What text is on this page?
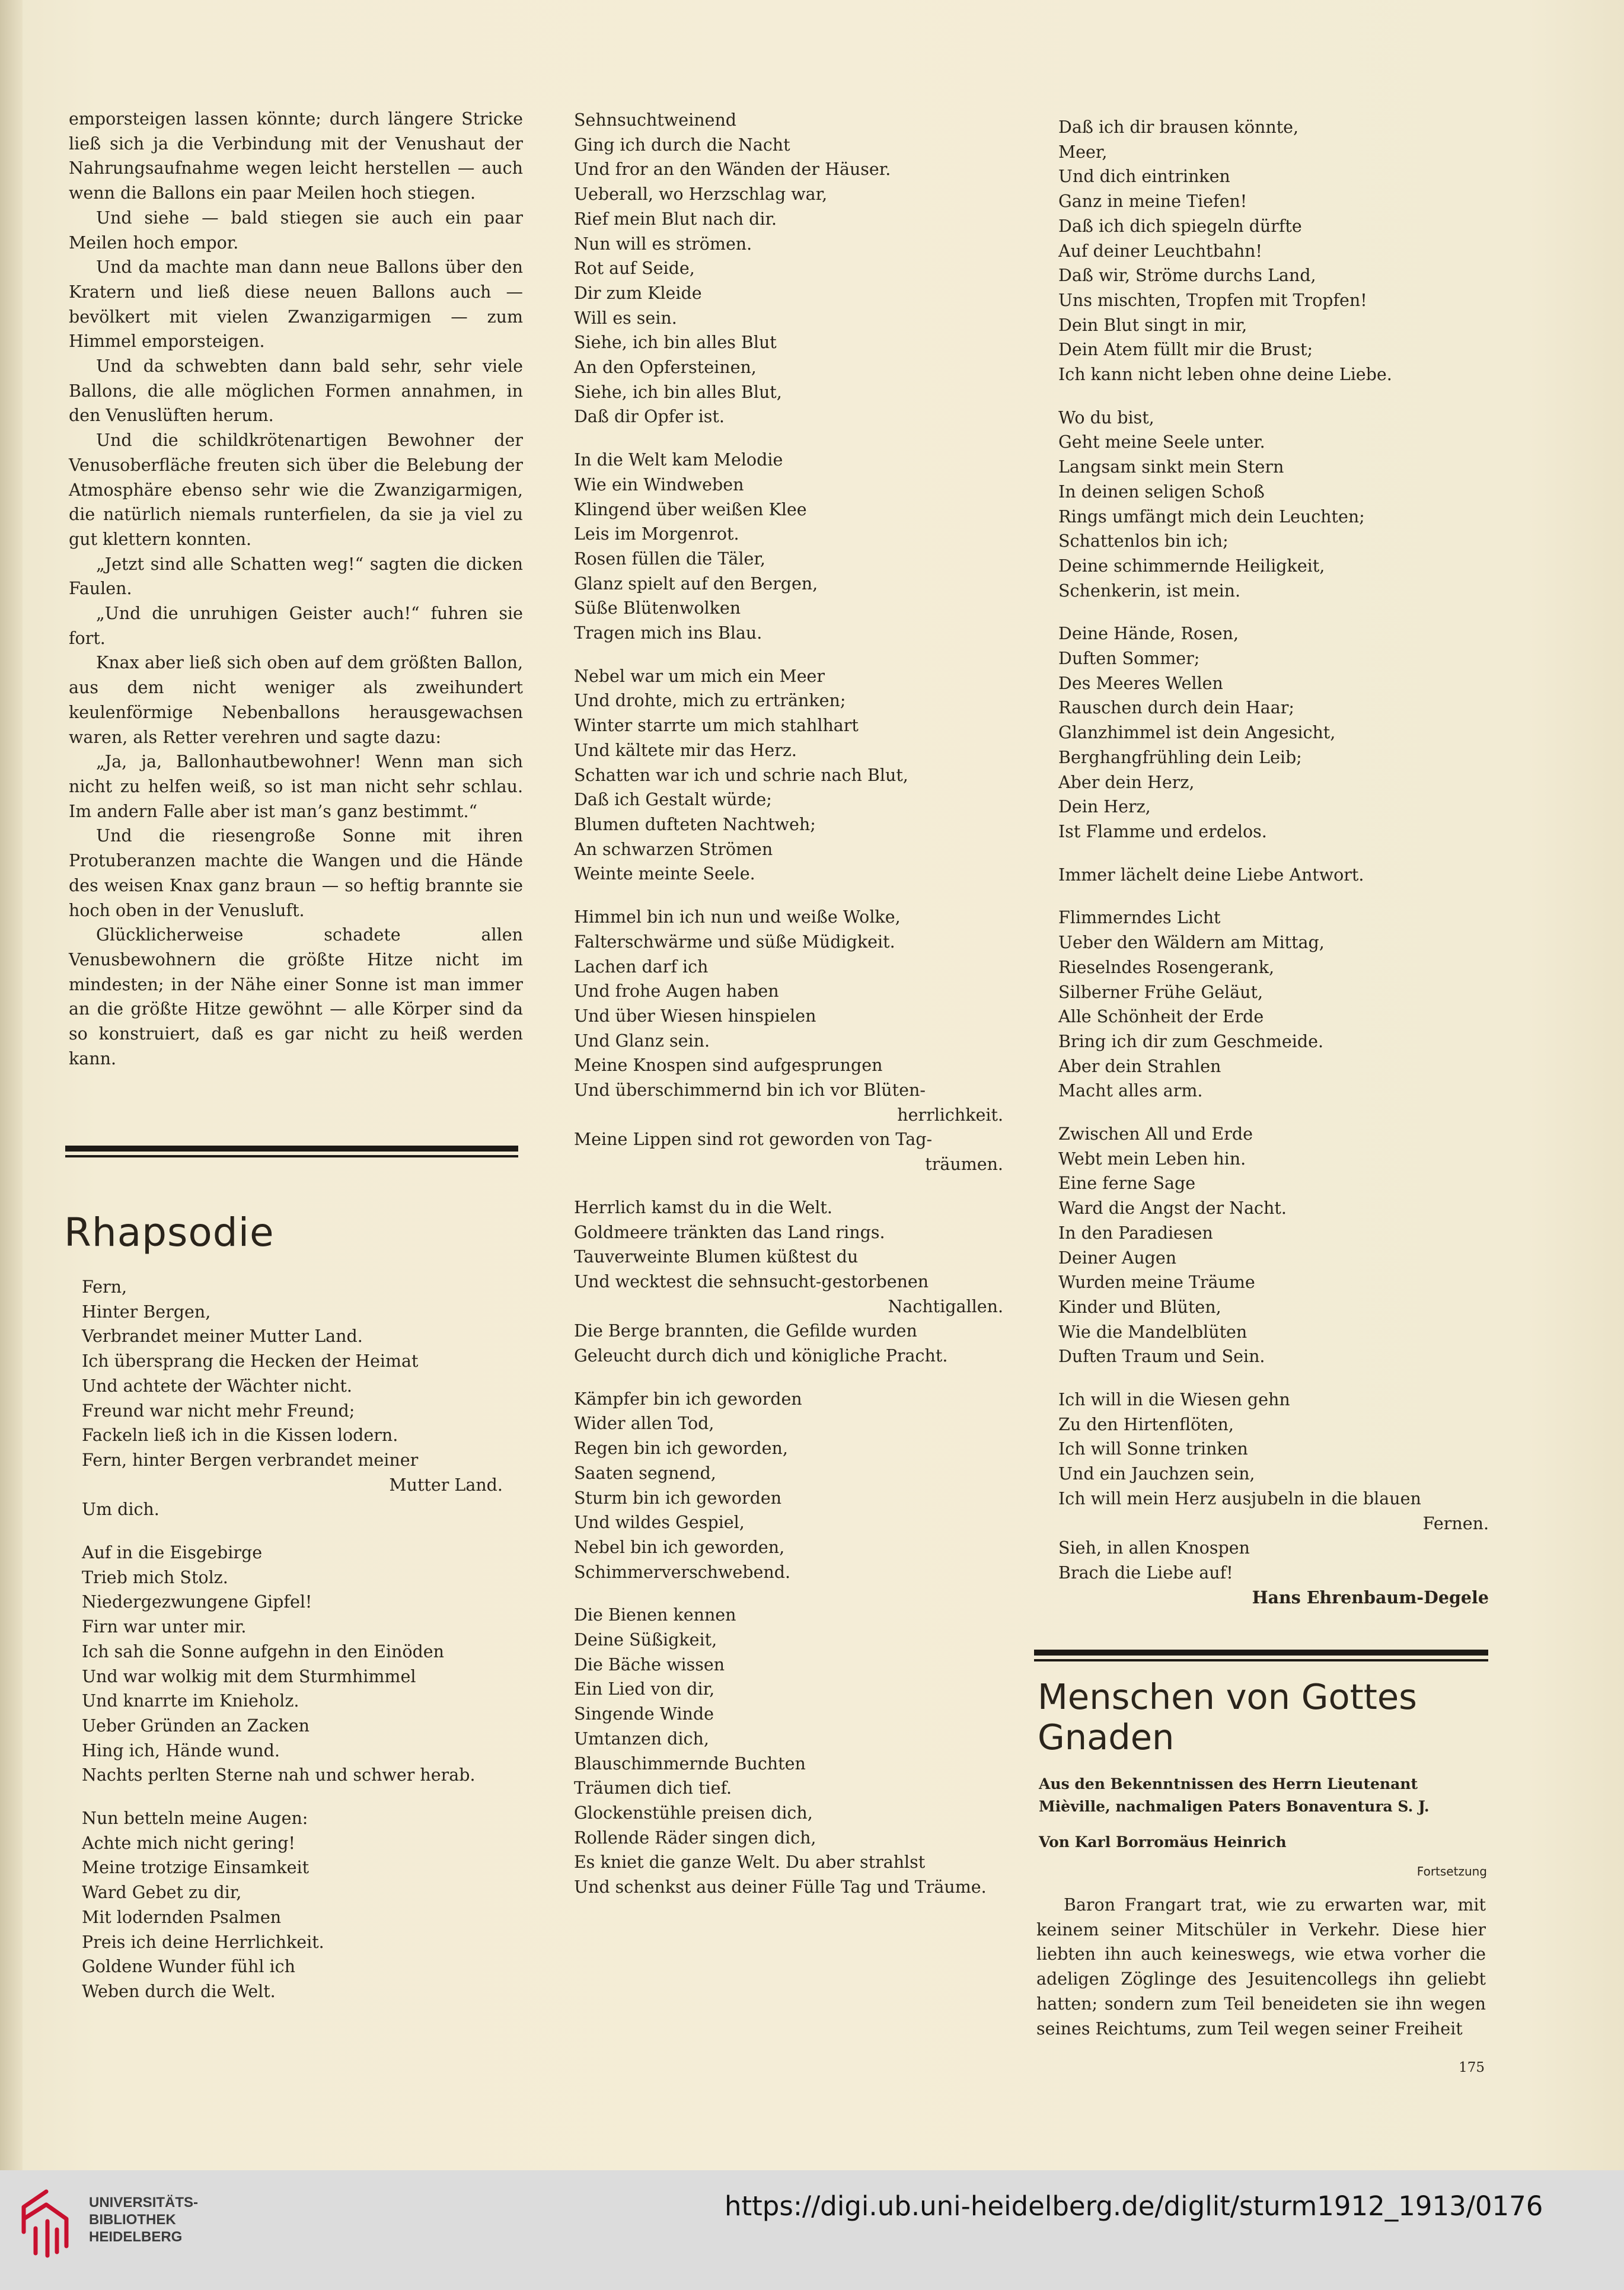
emporsteigen lassen könnte; durch längere Stricke ließ sich ja die Verbindung mit der Venushaut der Nahrungsaufnahme wegen leicht herstellen — auch wenn die Ballons ein paar Meilen hoch stiegen.

Und siehe — bald stiegen sie auch ein paar Meilen hoch empor.

Und da machte man dann neue Ballons über den Kratern und ließ diese neuen Ballons auch — bevölkert mit vielen Zwanzigarmigen — zum Himmel emporsteigen.

Und da schwebten dann bald sehr, sehr viele Ballons, die alle möglichen Formen annahmen, in den Venuslüften herum.

Und die schildkrötenartigen Bewohner der Venusoberfläche freuten sich über die Belebung der Atmosphäre ebenso sehr wie die Zwanzigarmigen, die natürlich niemals runterfielen, da sie ja viel zu gut klettern konnten.

„Jetzt sind alle Schatten weg!“ sagten die dicken Faulen.

„Und die unruhigen Geister auch!“ fuhren sie fort.

Knax aber ließ sich oben auf dem größten Ballon, aus dem nicht weniger als zweihundert keulenförmige Nebenballons herausgewachsen waren, als Retter verehren und sagte dazu:

„Ja, ja, Ballonhautbewohner! Wenn man sich nicht zu helfen weiß, so ist man nicht sehr schlau. Im andern Falle aber ist man’s ganz bestimmt.“

Und die riesengroße Sonne mit ihren Protuberanzen machte die Wangen und die Hände des weisen Knax ganz braun — so heftig brannte sie hoch oben in der Venusluft.

Glücklicherweise schadete allen Venusbewohnern die größte Hitze nicht im mindesten; in der Nähe einer Sonne ist man immer an die größte Hitze gewöhnt — alle Körper sind da so konstruiert, daß es gar nicht zu heiß werden kann.

Rhapsodie

Fern,

Hinter Bergen,

Verbrandet meiner Mutter Land.

Ich übersprang die Hecken der Heimat

Und achtete der Wächter nicht.

Freund war nicht mehr Freund;

Fackeln ließ ich in die Kissen lodern.

Fern, hinter Bergen verbrandet meiner

Mutter Land.

Um dich.

Auf in die Eisgebirge

Trieb mich Stolz.

Niedergezwungene Gipfel!

Firn war unter mir.

Ich sah die Sonne aufgehn in den Einöden

Und war wolkig mit dem Sturmhimmel

Und knarrte im Knieholz.

Ueber Gründen an Zacken

Hing ich, Hände wund.

Nachts perlten Sterne nah und schwer herab.

Nun betteln meine Augen:

Achte mich nicht gering!

Meine trotzige Einsamkeit

Ward Gebet zu dir,

Mit lodernden Psalmen

Preis ich deine Herrlichkeit.

Goldene Wunder fühl ich

Weben durch die Welt.

Sehnsuchtweinend

Ging ich durch die Nacht

Und fror an den Wänden der Häuser.

Ueberall, wo Herzschlag war,

Rief mein Blut nach dir.

Nun will es strömen.

Rot auf Seide,

Dir zum Kleide

Will es sein.

Siehe, ich bin alles Blut

An den Opfersteinen,

Siehe, ich bin alles Blut,

Daß dir Opfer ist.

In die Welt kam Melodie

Wie ein Windweben

Klingend über weißen Klee

Leis im Morgenrot.

Rosen füllen die Täler,

Glanz spielt auf den Bergen,

Süße Blütenwolken

Tragen mich ins Blau.

Nebel war um mich ein Meer

Und drohte, mich zu ertränken;

Winter starrte um mich stahlhart

Und kältete mir das Herz.

Schatten war ich und schrie nach Blut,

Daß ich Gestalt würde;

Blumen dufteten Nachtweh;

An schwarzen Strömen

Weinte meinte Seele.

Himmel bin ich nun und weiße Wolke,

Falterschwärme und süße Müdigkeit.

Lachen darf ich

Und frohe Augen haben

Und über Wiesen hinspielen

Und Glanz sein.

Meine Knospen sind aufgesprungen

Und überschimmernd bin ich vor Blüten-

herrlichkeit.

Meine Lippen sind rot geworden von Tag-

träumen.

Herrlich kamst du in die Welt.

Goldmeere tränkten das Land rings.

Tauverweinte Blumen küßtest du

Und wecktest die sehnsucht-gestorbenen

Nachtigallen.

Die Berge brannten, die Gefilde wurden

Geleucht durch dich und königliche Pracht.

Kämpfer bin ich geworden

Wider allen Tod,

Regen bin ich geworden,

Saaten segnend,

Sturm bin ich geworden

Und wildes Gespiel,

Nebel bin ich geworden,

Schimmerverschwebend.

Die Bienen kennen

Deine Süßigkeit,

Die Bäche wissen

Ein Lied von dir,

Singende Winde

Umtanzen dich,

Blauschimmernde Buchten

Träumen dich tief.

Glockenstühle preisen dich,

Rollende Räder singen dich,

Es kniet die ganze Welt. Du aber strahlst

Und schenkst aus deiner Fülle Tag und Träume.

Daß ich dir brausen könnte,

Meer,

Und dich eintrinken

Ganz in meine Tiefen!

Daß ich dich spiegeln dürfte

Auf deiner Leuchtbahn!

Daß wir, Ströme durchs Land,

Uns mischten, Tropfen mit Tropfen!

Dein Blut singt in mir,

Dein Atem füllt mir die Brust;

Ich kann nicht leben ohne deine Liebe.

Wo du bist,

Geht meine Seele unter.

Langsam sinkt mein Stern

In deinen seligen Schoß

Rings umfängt mich dein Leuchten;

Schattenlos bin ich;

Deine schimmernde Heiligkeit,

Schenkerin, ist mein.

Deine Hände, Rosen,

Duften Sommer;

Des Meeres Wellen

Rauschen durch dein Haar;

Glanzhimmel ist dein Angesicht,

Berghangfrühling dein Leib;

Aber dein Herz,

Dein Herz,

Ist Flamme und erdelos.

Immer lächelt deine Liebe Antwort.

Flimmerndes Licht

Ueber den Wäldern am Mittag,

Rieselndes Rosengerank,

Silberner Frühe Geläut,

Alle Schönheit der Erde

Bring ich dir zum Geschmeide.

Aber dein Strahlen

Macht alles arm.

Zwischen All und Erde

Webt mein Leben hin.

Eine ferne Sage

Ward die Angst der Nacht.

In den Paradiesen

Deiner Augen

Wurden meine Träume

Kinder und Blüten,

Wie die Mandelblüten

Duften Traum und Sein.

Ich will in die Wiesen gehn

Zu den Hirtenflöten,

Ich will Sonne trinken

Und ein Jauchzen sein,

Ich will mein Herz ausjubeln in die blauen

Fernen.

Sieh, in allen Knospen

Brach die Liebe auf!

Hans Ehrenbaum-Degele

Menschen von Gottes Gnaden

Aus den Bekenntnissen des Herrn Lieutenant Mièville, nachmaligen Paters Bonaventura S. J.

Von Karl Borromäus Heinrich

Fortsetzung

Baron Frangart trat, wie zu erwarten war, mit keinem seiner Mitschüler in Verkehr. Diese hier liebten ihn auch keineswegs, wie etwa vorher die adeligen Zöglinge des Jesuitencollegs ihn geliebt hatten; sondern zum Teil beneideten sie ihn wegen seines Reichtums, zum Teil wegen seiner Freiheit

175

UNIVERSITÄTS-
BIBLIOTHEK
HEIDELBERG

https://digi.ub.uni-heidelberg.de/diglit/sturm1912_1913/0176
